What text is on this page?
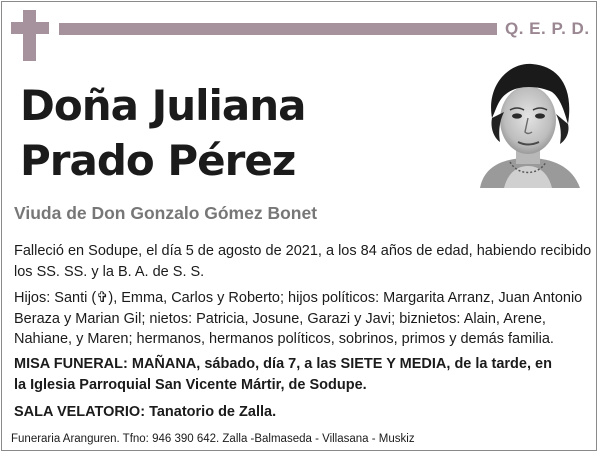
Q. E. P. D.
Doña Juliana
Prado Pérez
Viuda de Don Gonzalo Gómez Bonet

Falleció en Sodupe, el día 5 de agosto de 2021, a los 84 años de edad, habiendo recibido los SS. SS. y la B. A. de S. S.

Hijos: Santi (✞), Emma, Carlos y Roberto; hijos políticos: Margarita Arranz, Juan Antonio Beraza y Marian Gil; nietos: Patricia, Josune, Garazi y Javi; biznietos: Alain, Arene, Nahiane, y Maren; hermanos, hermanos políticos, sobrinos, primos y demás familia.

MISA FUNERAL: MAÑANA, sábado, día 7, a las SIETE Y MEDIA, de la tarde, en
la Iglesia Parroquial San Vicente Mártir, de Sodupe.

SALA VELATORIO: Tanatorio de Zalla.

Funeraria Aranguren. Tfno: 946 390 642. Zalla -Balmaseda - Villasana - Muskiz
